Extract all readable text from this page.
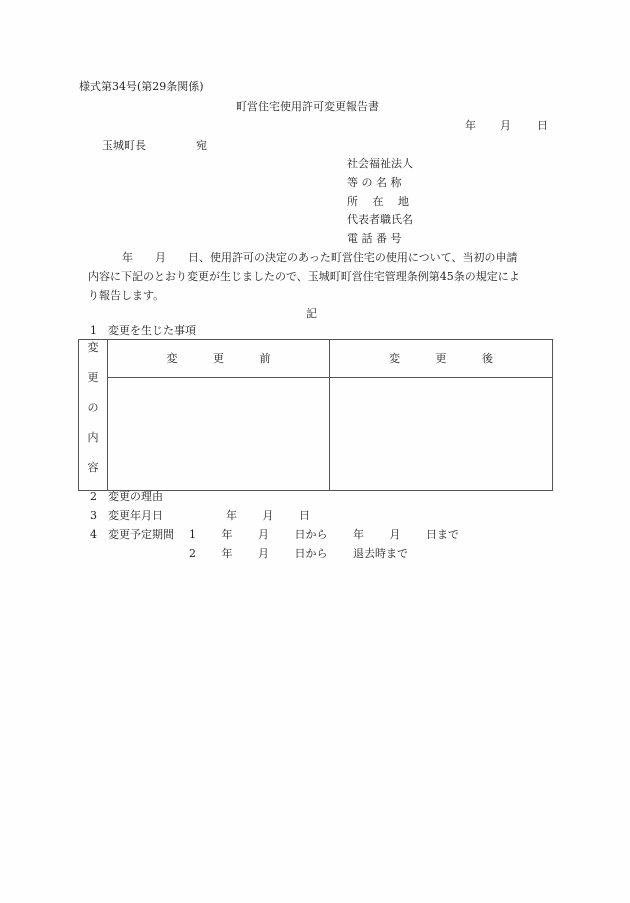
様式第34号(第29条関係)
町営住宅使用許可変更報告書
年 月 日
玉城町長	宛
社会福祉法人
等 の 名 称
所　 在　 地
代表者職氏名
電 話 番 号
年　　月　　日、使用許可の決定のあった町営住宅の使用について、当初の申請
内容に下記のとおり変更が生じましたので、玉城町町営住宅管理条例第45条の規定によ
り報告します。
記
1　変更を生じた事項
変
更
の
内
容	変 更 前	変 更 後

2　変更の理由
3　変更年月日	年　　 月　　 日
4　変更予定期間 1　　 年　　 月　　 日から　　 年　　 月　　 日まで
2　　 年　　 月　　 日から　　 退去時まで
